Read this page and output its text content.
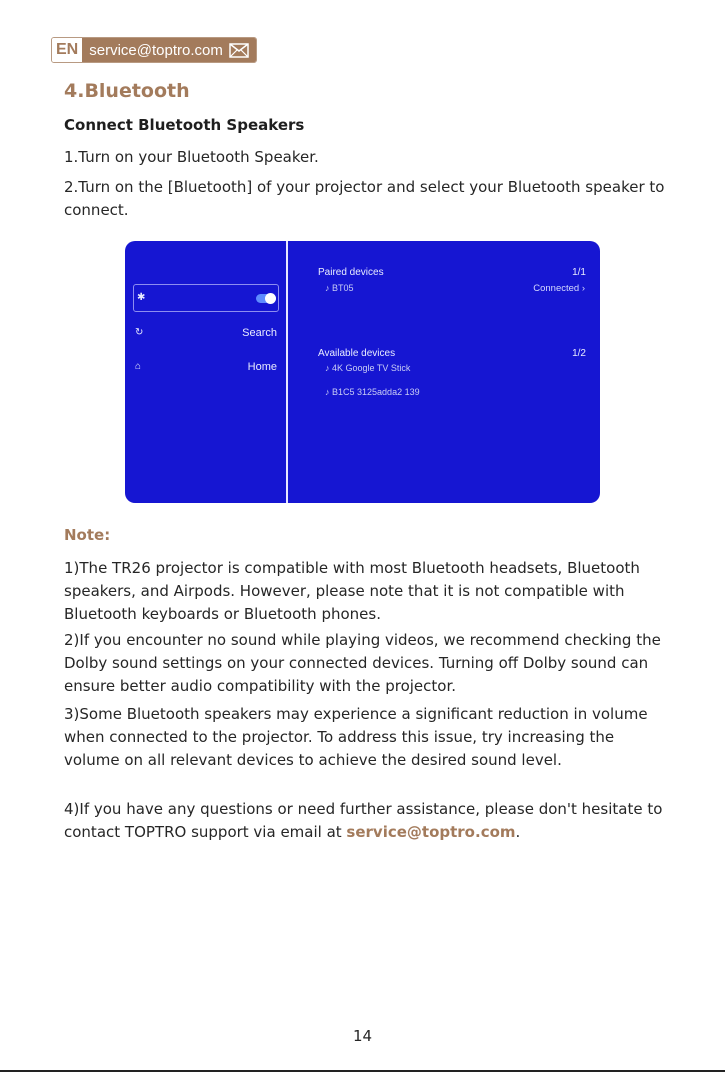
EN service@toptro.com
4.Bluetooth
Connect Bluetooth Speakers

1.Turn on your Bluetooth Speaker.

2.Turn on the [Bluetooth] of your projector and select your Bluetooth speaker to connect.

✱
↻	Search
⌂	Home
Paired devices	1/1
♪ BT05	Connected ›
Available devices	1/2
♪ 4K Google TV Stick
♪ B1C5 3125adda2 139
Note:

1)The TR26 projector is compatible with most Bluetooth headsets, Bluetooth speakers, and Airpods. However, please note that it is not compatible with Bluetooth keyboards or Bluetooth phones.

2)If you encounter no sound while playing videos, we recommend checking the Dolby sound settings on your connected devices. Turning off Dolby sound can ensure better audio compatibility with the projector.

3)Some Bluetooth speakers may experience a significant reduction in volume when connected to the projector. To address this issue, try increasing the volume on all relevant devices to achieve the desired sound level.

4)If you have any questions or need further assistance, please don't hesitate to contact TOPTRO support via email at service@toptro.com.

14
